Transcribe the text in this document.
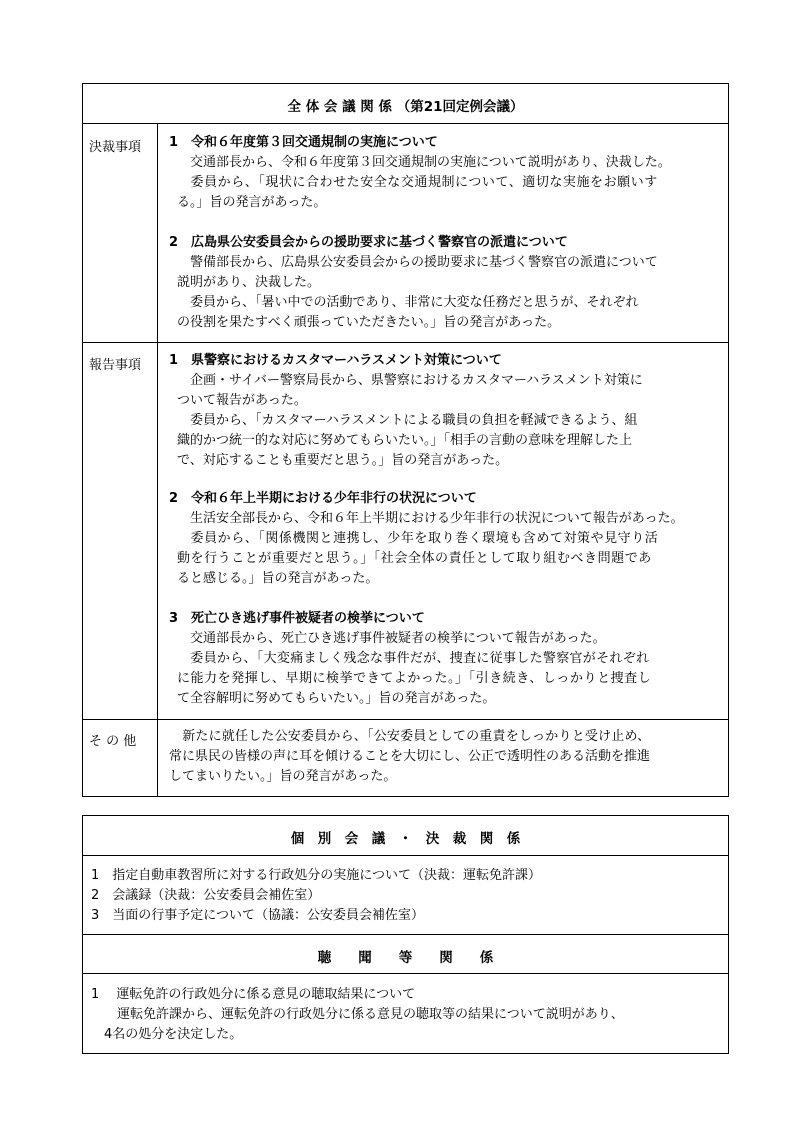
全 体 会 議 関 係 （第21回定例会議）
決裁事項 1　令和６年度第３回交通規制の実施について
　交通部長から、令和６年度第３回交通規制の実施について説明があり、決裁した。
　委員から、「現状に合わせた安全な交通規制について、適切な実施をお願いす
る。」旨の発言があった。
2　広島県公安委員会からの援助要求に基づく警察官の派遣について
　警備部長から、広島県公安委員会からの援助要求に基づく警察官の派遣について
説明があり、決裁した。
　委員から、「暑い中での活動であり、非常に大変な任務だと思うが、それぞれ
の役割を果たすべく頑張っていただきたい。」旨の発言があった。
報告事項 1　県警察におけるカスタマーハラスメント対策について
　企画・サイバー警察局長から、県警察におけるカスタマーハラスメント対策に
ついて報告があった。
　委員から、「カスタマーハラスメントによる職員の負担を軽減できるよう、組
織的かつ統一的な対応に努めてもらいたい。」「相手の言動の意味を理解した上
で、対応することも重要だと思う。」旨の発言があった。
2　令和６年上半期における少年非行の状況について
　生活安全部長から、令和６年上半期における少年非行の状況について報告があった。
　委員から、「関係機関と連携し、少年を取り巻く環境も含めて対策や見守り活
動を行うことが重要だと思う。」「社会全体の責任として取り組むべき問題であ
ると感じる。」旨の発言があった。
3　死亡ひき逃げ事件被疑者の検挙について
　交通部長から、死亡ひき逃げ事件被疑者の検挙について報告があった。
　委員から、「大変痛ましく残念な事件だが、捜査に従事した警察官がそれぞれ
に能力を発揮し、早期に検挙できてよかった。」「引き続き、しっかりと捜査し
て全容解明に努めてもらいたい。」旨の発言があった。
そ の 他	　新たに就任した公安委員から、「公安委員としての重責をしっかりと受け止め、
常に県民の皆様の声に耳を傾けることを大切にし、公正で透明性のある活動を推進
してまいりたい。」旨の発言があった。
個　別　会　議　・　決　裁　関　係
1　指定自動車教習所に対する行政処分の実施について（決裁：運転免許課）
2　会議録（決裁：公安委員会補佐室）
3　当面の行事予定について（協議：公安委員会補佐室）
聴　　聞　　等　　関　　係
1　 運転免許の行政処分に係る意見の聴取結果について
　　運転免許課から、運転免許の行政処分に係る意見の聴取等の結果について説明があり、
　4名の処分を決定した。
